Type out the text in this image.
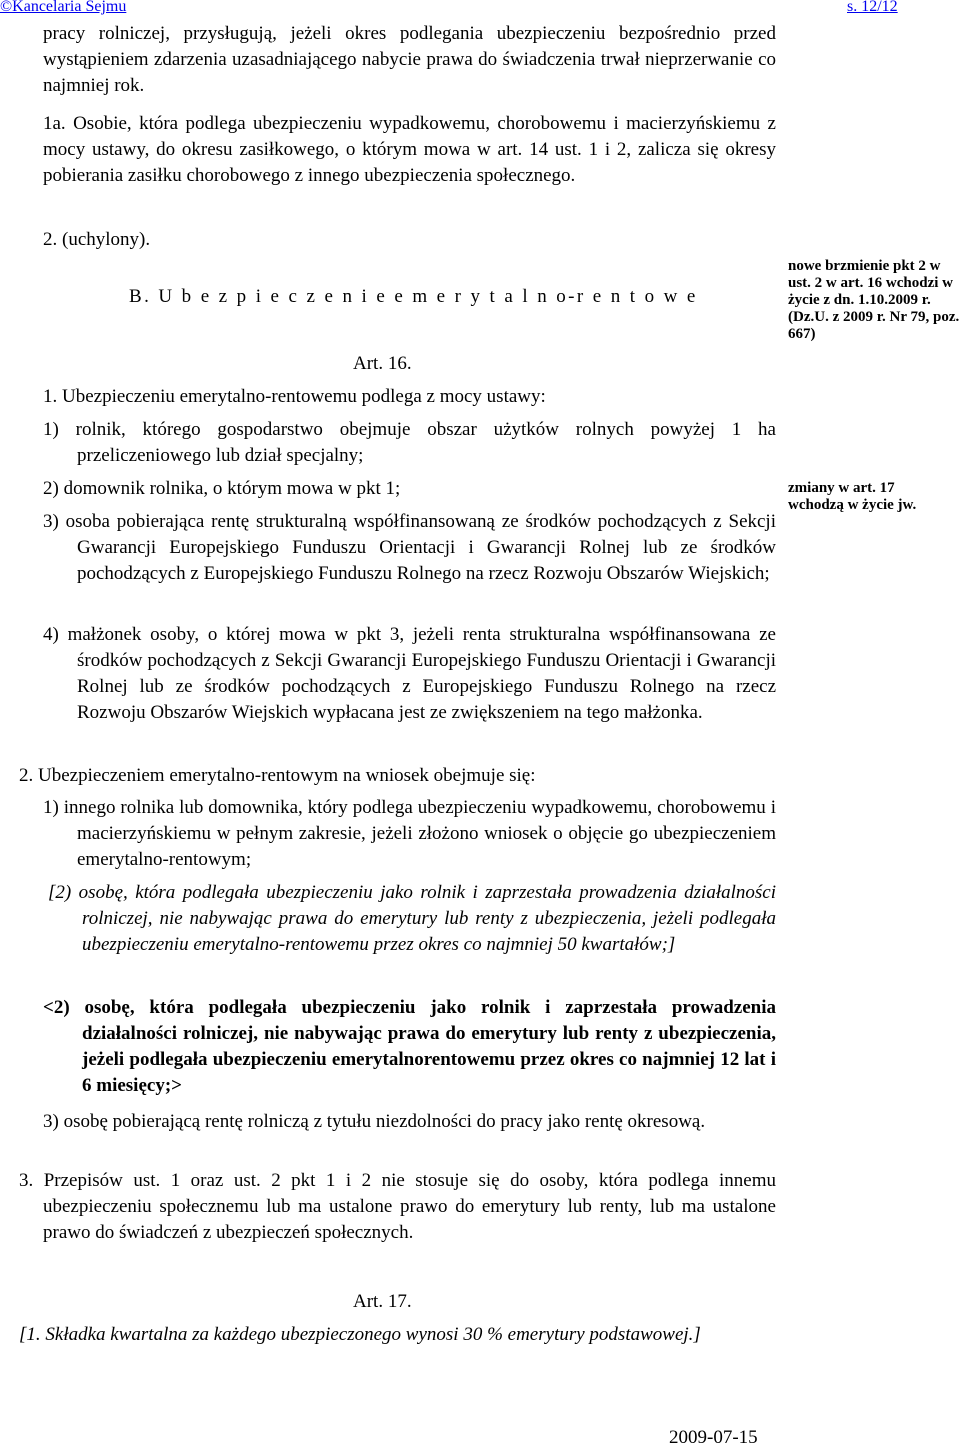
©Kancelaria Sejmu	s. 12/12
pracy rolniczej, przysługują, jeżeli okres podlegania ubezpieczeniu bezpośrednio przed wystąpieniem zdarzenia uzasadniającego nabycie prawa do świadczenia trwał nieprzerwanie co najmniej rok.
1a. Osobie, która podlega ubezpieczeniu wypadkowemu, chorobowemu i macierzyńskiemu z mocy ustawy, do okresu zasiłkowego, o którym mowa w art. 14 ust. 1 i 2, zalicza się okresy pobierania zasiłku chorobowego z innego ubezpieczenia społecznego.
2. (uchylony).
B. U b e z p i e c z e n i e e m e r y t a l n o-r e n t o w e
Art. 16.
1. Ubezpieczeniu emerytalno-rentowemu podlega z mocy ustawy:
1) rolnik, którego gospodarstwo obejmuje obszar użytków rolnych powyżej 1 ha przeliczeniowego lub dział specjalny;
2) domownik rolnika, o którym mowa w pkt 1;
3) osoba pobierająca rentę strukturalną współfinansowaną ze środków pochodzących z Sekcji Gwarancji Europejskiego Funduszu Orientacji i Gwarancji Rolnej lub ze środków pochodzących z Europejskiego Funduszu Rolnego na rzecz Rozwoju Obszarów Wiejskich;
4) małżonek osoby, o której mowa w pkt 3, jeżeli renta strukturalna współfinansowana ze środków pochodzących z Sekcji Gwarancji Europejskiego Funduszu Orientacji i Gwarancji Rolnej lub ze środków pochodzących z Europejskiego Funduszu Rolnego na rzecz Rozwoju Obszarów Wiejskich wypłacana jest ze zwiększeniem na tego małżonka.
2. Ubezpieczeniem emerytalno-rentowym na wniosek obejmuje się:
1) innego rolnika lub domownika, który podlega ubezpieczeniu wypadkowemu, chorobowemu i macierzyńskiemu w pełnym zakresie, jeżeli złożono wniosek o objęcie go ubezpieczeniem emerytalno-rentowym;
[2) osobę, która podlegała ubezpieczeniu jako rolnik i zaprzestała prowadzenia działalności rolniczej, nie nabywając prawa do emerytury lub renty z ubezpieczenia, jeżeli podlegała ubezpieczeniu emerytalno-rentowemu przez okres co najmniej 50 kwartałów;]
<2) osobę, która podlegała ubezpieczeniu jako rolnik i zaprzestała prowadzenia działalności rolniczej, nie nabywając prawa do emerytury lub renty z ubezpieczenia, jeżeli podlegała ubezpieczeniu emerytalnorentowemu przez okres co najmniej 12 lat i 6 miesięcy;>
3) osobę pobierającą rentę rolniczą z tytułu niezdolności do pracy jako rentę okresową.
3. Przepisów ust. 1 oraz ust. 2 pkt 1 i 2 nie stosuje się do osoby, która podlega innemu ubezpieczeniu społecznemu lub ma ustalone prawo do emerytury lub renty, lub ma ustalone prawo do świadczeń z ubezpieczeń społecznych.
Art. 17.
[1. Składka kwartalna za każdego ubezpieczonego wynosi 30 % emerytury podstawowej.]
nowe brzmienie pkt 2 w ust. 2 w art. 16 wchodzi w życie z dn. 1.10.2009 r. (Dz.U. z 2009 r. Nr 79, poz. 667)
zmiany w art. 17 wchodzą w życie jw.
2009-07-15
